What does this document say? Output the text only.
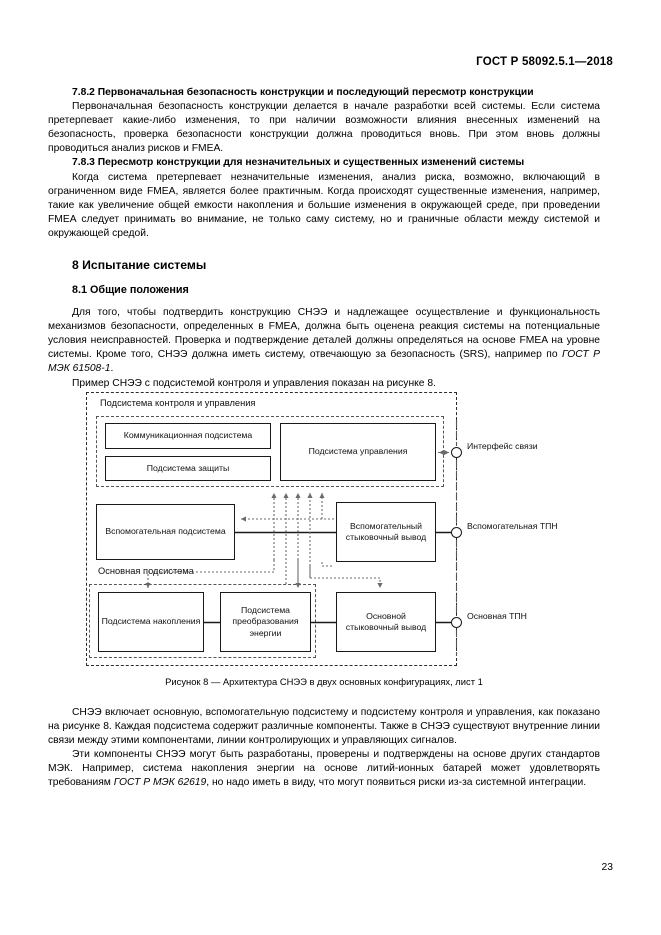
ГОСТ Р 58092.5.1—2018
7.8.2 Первоначальная безопасность конструкции и последующий пересмотр конструкции

Первоначальная безопасность конструкции делается в начале разработки всей системы. Если система претерпевает какие-либо изменения, то при наличии возможности влияния внесенных изменений на безопасность, проверка безопасности конструкции должна проводиться вновь. При этом вновь должны проводиться анализ рисков и FMEA.

7.8.3 Пересмотр конструкции для незначительных и существенных изменений системы

Когда система претерпевает незначительные изменения, анализ риска, возможно, включающий в ограниченном виде FMEA, является более практичным. Когда происходят существенные изменения, например, такие как увеличение общей емкости накопления и большие изменения в окружающей среде, при проведении FMEA следует принимать во внимание, не только саму систему, но и граничные области между системой и окружающей средой.

8 Испытание системы
8.1 Общие положения

Для того, чтобы подтвердить конструкцию СНЭЭ и надлежащее осуществление и функциональность механизмов безопасности, определенных в FMEA, должна быть оценена реакция системы на потенциальные условия неисправностей. Проверка и подтверждение деталей должны определяться на основе FMEA на уровне системы. Кроме того, СНЭЭ должна иметь систему, отвечающую за безопасность (SRS), например по ГОСТ Р МЭК 61508-1.

Пример СНЭЭ с подсистемой контроля и управления показан на рисунке 8.

Подсистема контроля и управления
Коммуникационная подсистема
Подсистема защиты
Подсистема управления
Вспомогательная подсистема
Вспомогательный стыковочный вывод
Основная подсистема
Подсистема накопления
Подсистема преобразования энергии
Основной стыковочный вывод
Интерфейс связи
Вспомогательная ТПН
Основная ТПН
Рисунок 8 — Архитектура СНЭЭ в двух основных конфигурациях, лист 1

СНЭЭ включает основную, вспомогательную подсистему и подсистему контроля и управления, как показано на рисунке 8. Каждая подсистема содержит различные компоненты. Также в СНЭЭ существуют внутренние линии связи между этими компонентами, линии контролирующих и управляющих сигналов.

Эти компоненты СНЭЭ могут быть разработаны, проверены и подтверждены на основе других стандартов МЭК. Например, система накопления энергии на основе литий-ионных батарей может удовлетворять требованиям ГОСТ Р МЭК 62619, но надо иметь в виду, что могут появиться риски из-за системной интеграции.

23
